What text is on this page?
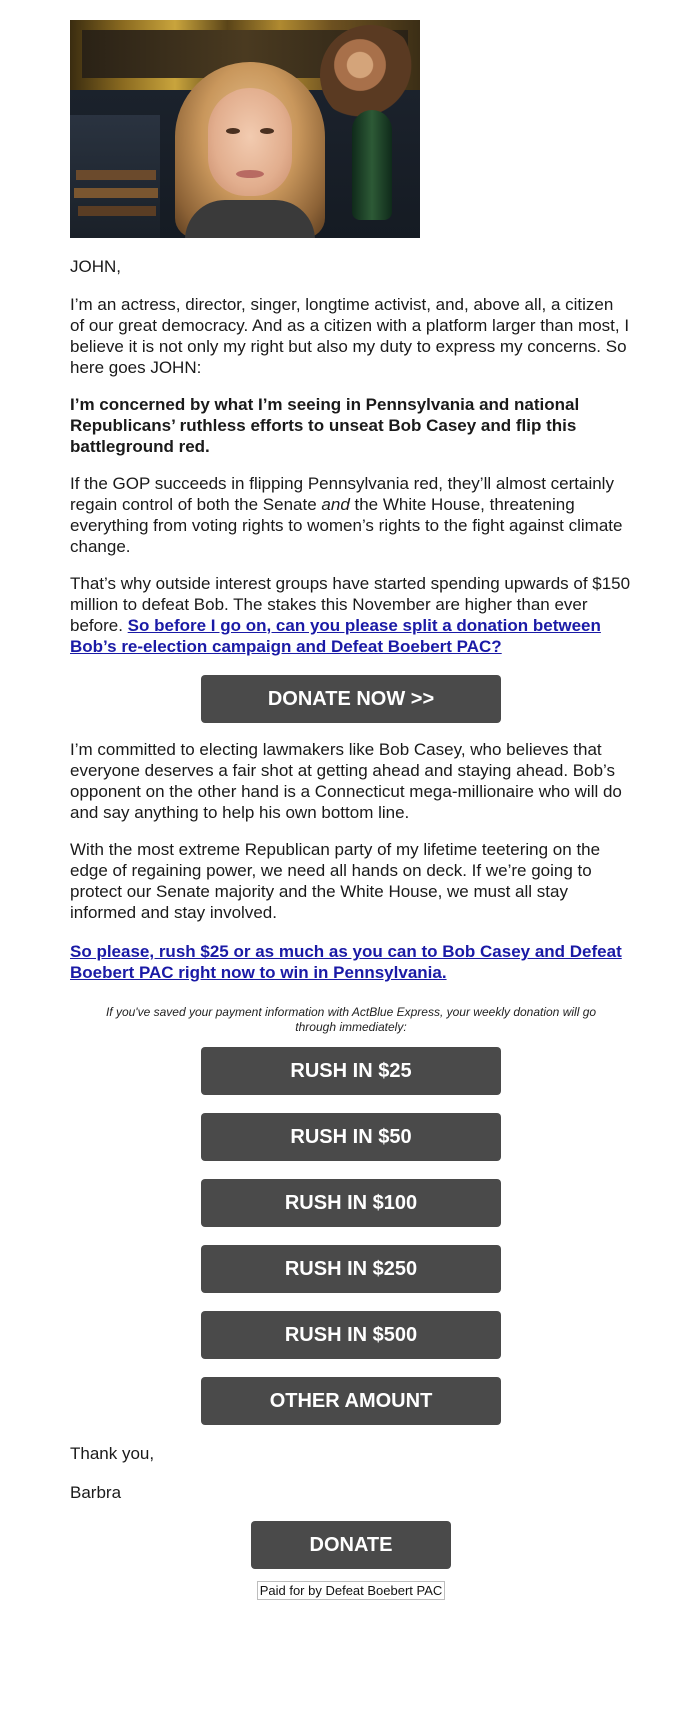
JOHN,

I’m an actress, director, singer, longtime activist, and, above all, a citizen of our great democracy. And as a citizen with a platform larger than most, I believe it is not only my right but also my duty to express my concerns. So here goes JOHN:

I’m concerned by what I’m seeing in Pennsylvania and national Republicans’ ruthless efforts to unseat Bob Casey and flip this battleground red.

If the GOP succeeds in flipping Pennsylvania red, they’ll almost certainly regain control of both the Senate and the White House, threatening everything from voting rights to women’s rights to the fight against climate change.

That’s why outside interest groups have started spending upwards of $150 million to defeat Bob. The stakes this November are higher than ever before. So before I go on, can you please split a donation between Bob’s re-election campaign and Defeat Boebert PAC?

DONATE NOW >>

I’m committed to electing lawmakers like Bob Casey, who believes that everyone deserves a fair shot at getting ahead and staying ahead. Bob’s opponent on the other hand is a Connecticut mega-millionaire who will do and say anything to help his own bottom line.

With the most extreme Republican party of my lifetime teetering on the edge of regaining power, we need all hands on deck. If we’re going to protect our Senate majority and the White House, we must all stay informed and stay involved.

So please, rush $25 or as much as you can to Bob Casey and Defeat Boebert PAC right now to win in Pennsylvania.

If you've saved your payment information with ActBlue Express, your weekly donation will go through immediately:
RUSH IN $25
RUSH IN $50
RUSH IN $100
RUSH IN $250
RUSH IN $500
OTHER AMOUNT
Thank you,
Barbra
DONATE
Paid for by Defeat Boebert PAC
